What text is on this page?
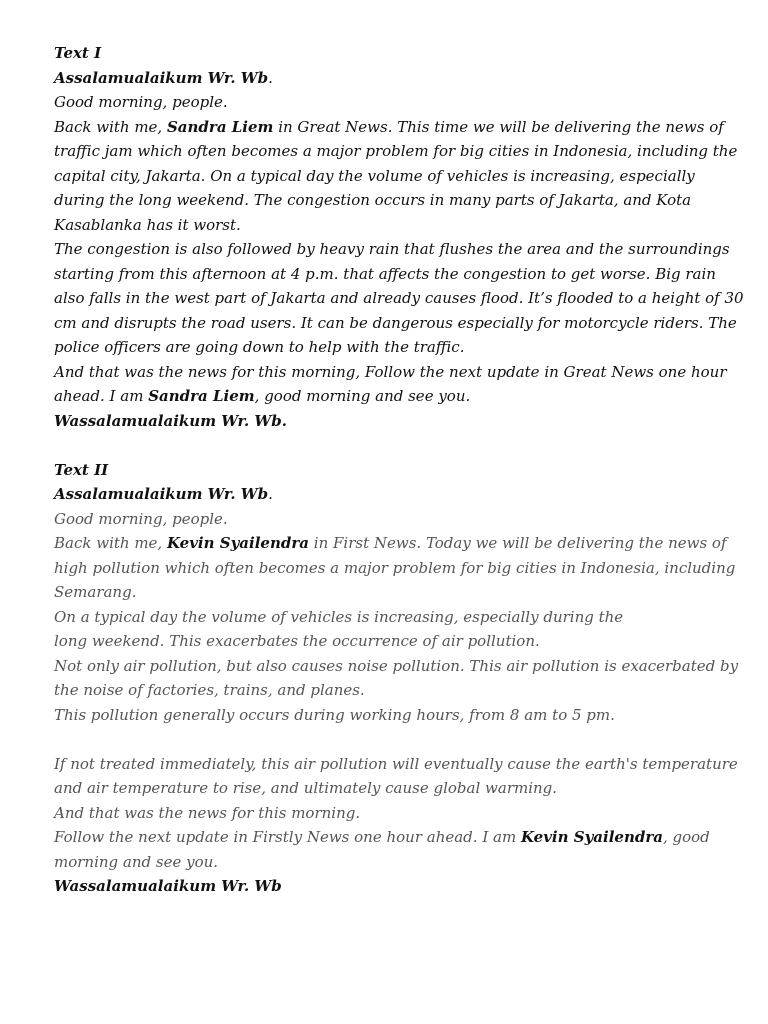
Text I

Assalamualaikum Wr. Wb.

Good morning, people.

Back with me, Sandra Liem in Great News. This time we will be delivering the news of traffic jam which often becomes a major problem for big cities in Indonesia, including the capital city, Jakarta. On a typical day the volume of vehicles is increasing, especially during the long weekend. The congestion occurs in many parts of Jakarta, and Kota Kasablanka has it worst.

The congestion is also followed by heavy rain that flushes the area and the surroundings starting from this afternoon at 4 p.m. that affects the congestion to get worse. Big rain also falls in the west part of Jakarta and already causes flood. It’s flooded to a height of 30 cm and disrupts the road users. It can be dangerous especially for motorcycle riders. The police officers are going down to help with the traffic.

And that was the news for this morning, Follow the next update in Great News one hour ahead. I am Sandra Liem, good morning and see you.

Wassalamualaikum Wr. Wb.

Text II

Assalamualaikum Wr. Wb.

Good morning, people.

Back with me, Kevin Syailendra in First News. Today we will be delivering the news of high pollution which often becomes a major problem for big cities in Indonesia, including Semarang.

On a typical day the volume of vehicles is increasing, especially during the

long weekend. This exacerbates the occurrence of air pollution.

Not only air pollution, but also causes noise pollution. This air pollution is exacerbated by the noise of factories, trains, and planes.

This pollution generally occurs during working hours, from 8 am to 5 pm.

If not treated immediately, this air pollution will eventually cause the earth's temperature and air temperature to rise, and ultimately cause global warming.

And that was the news for this morning.

Follow the next update in Firstly News one hour ahead. I am Kevin Syailendra, good morning and see you.

Wassalamualaikum Wr. Wb
